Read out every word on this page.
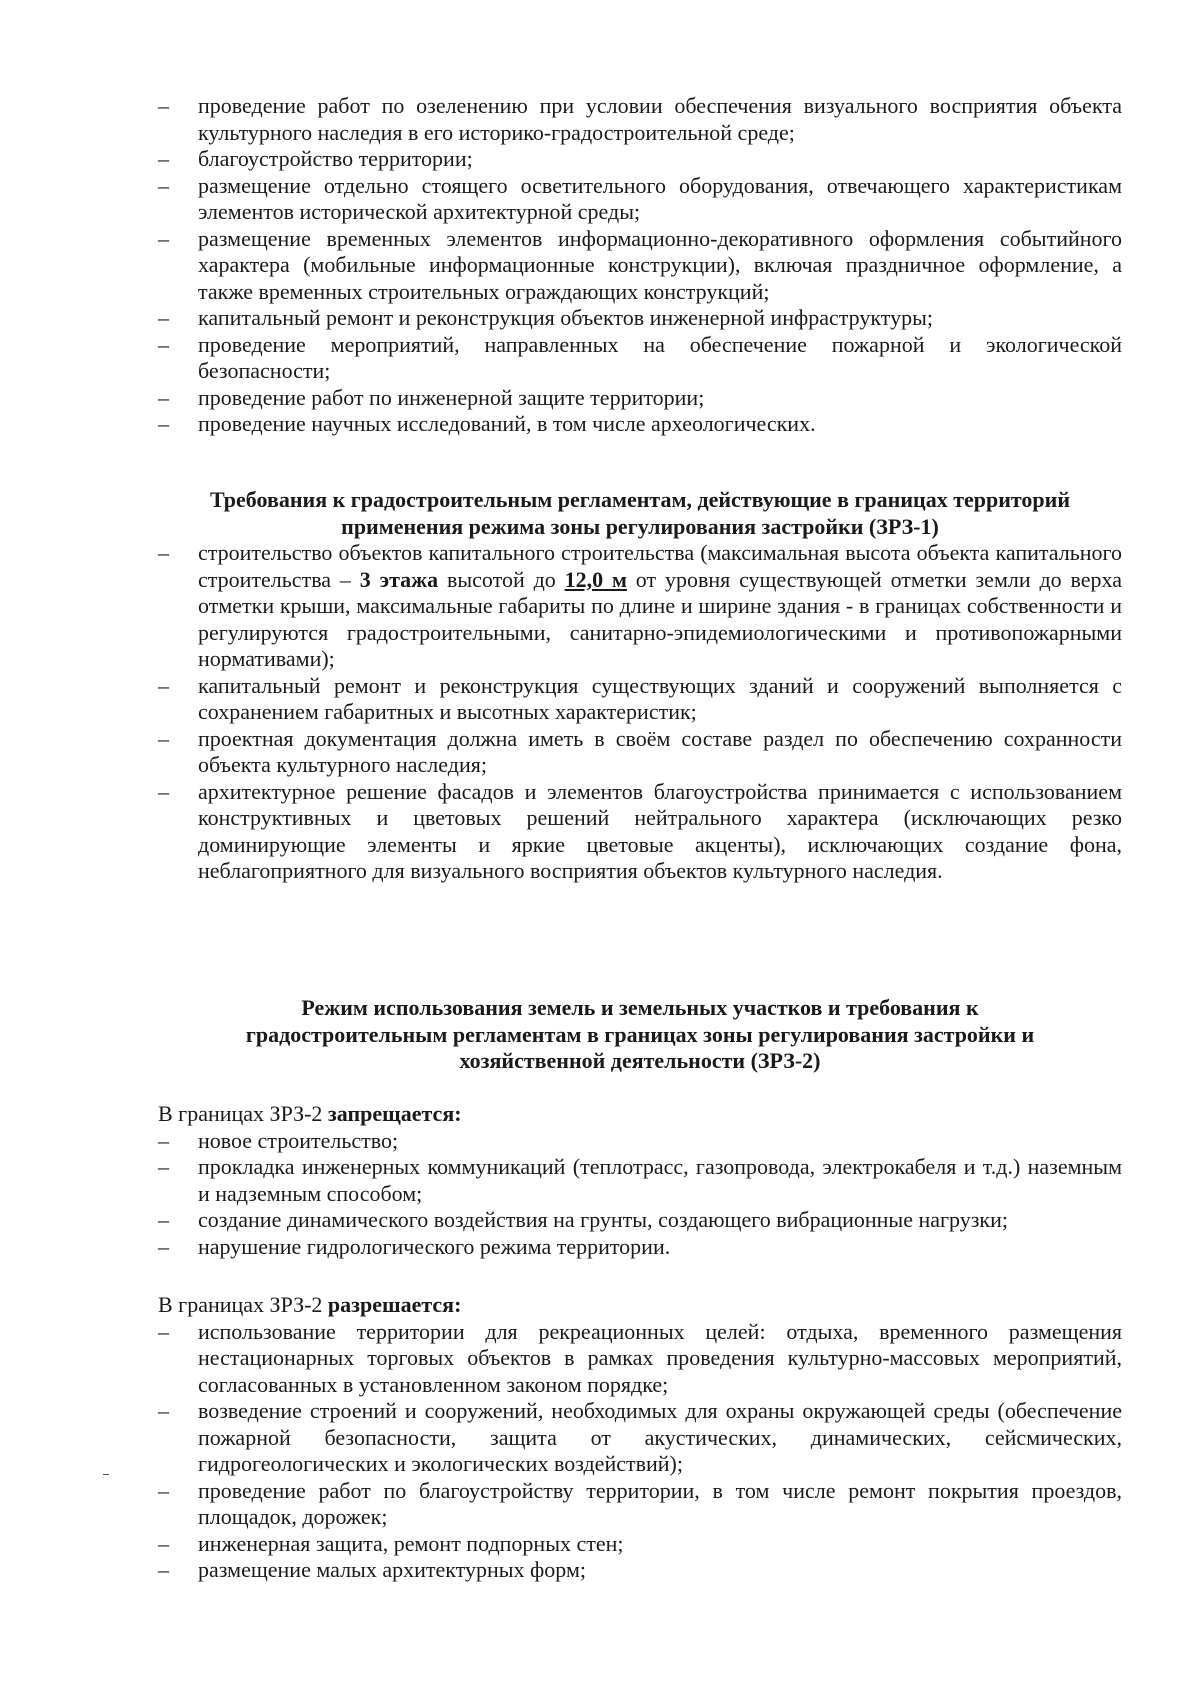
–	проведение работ по озеленению при условии обеспечения визуального восприятия объекта культурного наследия в его историко-градостроительной среде;
–	благоустройство территории;
–	размещение отдельно стоящего осветительного оборудования, отвечающего характеристикам элементов исторической архитектурной среды;
–	размещение временных элементов информационно-декоративного оформления событийного характера (мобильные информационные конструкции), включая праздничное оформление, а также временных строительных ограждающих конструкций;
–	капитальный ремонт и реконструкция объектов инженерной инфраструктуры;
–	проведение мероприятий, направленных на обеспечение пожарной и экологической безопасности;
–	проведение работ по инженерной защите территории;
–	проведение научных исследований, в том числе археологических.
Требования к градостроительным регламентам, действующие в границах территорий
применения режима зоны регулирования застройки (ЗРЗ-1)
–	строительство объектов капитального строительства (максимальная высота объекта капитального строительства – 3 этажа высотой до 12,0 м от уровня существующей отметки земли до верха отметки крыши, максимальные габариты по длине и ширине здания - в границах собственности и регулируются градостроительными, санитарно-эпидемиологическими и противопожарными нормативами);
–	капитальный ремонт и реконструкция существующих зданий и сооружений выполняется с сохранением габаритных и высотных характеристик;
–	проектная документация должна иметь в своём составе раздел по обеспечению сохранности объекта культурного наследия;
–	архитектурное решение фасадов и элементов благоустройства принимается с использованием конструктивных и цветовых решений нейтрального характера (исключающих резко доминирующие элементы и яркие цветовые акценты), исключающих создание фона, неблагоприятного для визуального восприятия объектов культурного наследия.
Режим использования земель и земельных участков и требования к
градостроительным регламентам в границах зоны регулирования застройки и
хозяйственной деятельности (ЗРЗ-2)

В границах ЗРЗ-2 запрещается:

–	новое строительство;
–	прокладка инженерных коммуникаций (теплотрасс, газопровода, электрокабеля и т.д.) наземным и надземным способом;
–	создание динамического воздействия на грунты, создающего вибрационные нагрузки;
–	нарушение гидрологического режима территории.

В границах ЗРЗ-2 разрешается:

–	использование территории для рекреационных целей: отдыха, временного размещения нестационарных торговых объектов в рамках проведения культурно-массовых мероприятий, согласованных в установленном законом порядке;
–	возведение строений и сооружений, необходимых для охраны окружающей среды (обеспечение пожарной безопасности, защита от акустических, динамических, сейсмических, гидрогеологических и экологических воздействий);
–	проведение работ по благоустройству территории, в том числе ремонт покрытия проездов, площадок, дорожек;
–	инженерная защита, ремонт подпорных стен;
–	размещение малых архитектурных форм;
